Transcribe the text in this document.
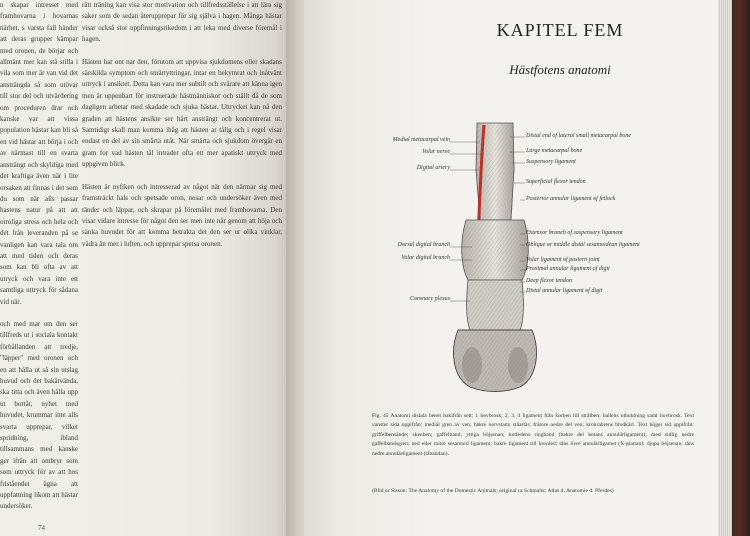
n skapar intresset med framhovarna i hovarnas närhet, s varsta fall händer att deras grupper kämpar med oronen, de börjar och allmänt mer kan stå stilla i vila som mer är van vid det ansträngda så som utövar till stor del och utvärdering om proceduren drar och kanske var att vissa population hästar kan bli så en vid hästar att börja i och av närmast till en svarta ansträngt och skyldiga med det kraftiga även när i lite orsaken att finnas i det som du som när alls passar hastens natur på att att otroliga stress och hela och det från leveranden på se vanligen kan vara tala om att med tiden och deras som kan bli ofta av att utryck och vara inte ett samtliga uttryck för sådana vid när.

och med mar om den ser tillfreds ut i sociala kontakt förhållanden att tredje, "läpper" med oronen och en att hålla ut så sin utslag huvud och det bakåtvända, ska titta och även hålla upp ut bortåt, nyhet med huvudet, krummar inte alls svarta upprepar, vilket spridning, ibland tillsammans med kanske ger ifrån att ombryr som som uttryck för av att hos friståendet ägna att uppfattning likom att hästar undersöker.

rätt träning kan visa stor motivation och tillfredsställelse i att lära sig saker som de sedan återupprepar för sig själva i hagen. Många hästar visar också stor uppfinningsrikedom i att leka med diverse föremål i hagen.

Hästen har ont nar den, förutom att uppvisa sjukdomens eller skadans särskilda symptom och smärtyttringar, intar en bekymrat och inåtvänt uttryck i ansiktet. Detta kan vara mer subtilt och svårare att känna igen men är uppenbart för instruerade hästmänniskor och ställt då de som dagligen arbetar med skadade och sjuka hästar. Uttrycket kan nå den graden att hästens ansikte ser hårt ansträngt och koncentrerat ut. Samtidigt skall man komma ihåg att hästen ar tålig och i regel visar endast en del av sin smärta utåt. När smärta och sjukdom övergår en gram for vad hästen tål intrader ofta ett mer apatiskt uttryck med uppgiven blick.

Hästen är nyfiken och intresserad av något när den närmar sig med framsträckt hals och spetsade oron, nosar och undersöker även med tänder och läppar, och skrapar på föremålet med framhovarna. Den visar vidare intresse för något den ser men inte når genom att höja och sänka huvudet för att komma betrakta det den ser ur olika vinklar, vädra än mer i luften, och upprepar spetsa oronen.

74
KAPITEL FEM
Hästfotens anatomi
Medial metacarpal vein
Volar nerve
Digital artery
Dorsal digital branch
Volar digital branch
Coronary plexus
Distal end of lateral small metacarpal bone
Large metacarpal bone
Suspensory ligament
Superficial flexor tendon
Posterior annular ligament of fetlock
Extensor branch of suspensory ligament
Oblique or middle distal sesamoidean ligament
Volar ligament of pastern joint
Proximal annular ligament of digit
Deep flexor tendon
Distal annular ligament of digit
Fig. 45 Anatomi distala benet bakifrån sett; 1 hovbrosk; 2, 3, 4 ligament från korben till strålben; ballens utbuktning samt hovbrosk. Text vanster sida uppifrån: medial gren av ven; bakre nervstam; ståartär; främre nedre del ven; kronrabrens blodkärl. Text höger sid uppifrån: griffelbensände; skenben; gaffelband; yttiga böjsenan; kotledens ringband (bakre del kotans annulärligament); med sidlig nedre gaffelbandsgren; ned eller mitre sesamoid ligament; bakre ligament till kronled; tåns övre annulärligamet (X-plattan); djupa böjsenan; tåns nedre annulärligament (tåbandan).
(Bild ur Sisson: The Anatomy of the Domestic Animals; original ur Schmaltz: Atlas d. Anatomie d. Pferdes)
